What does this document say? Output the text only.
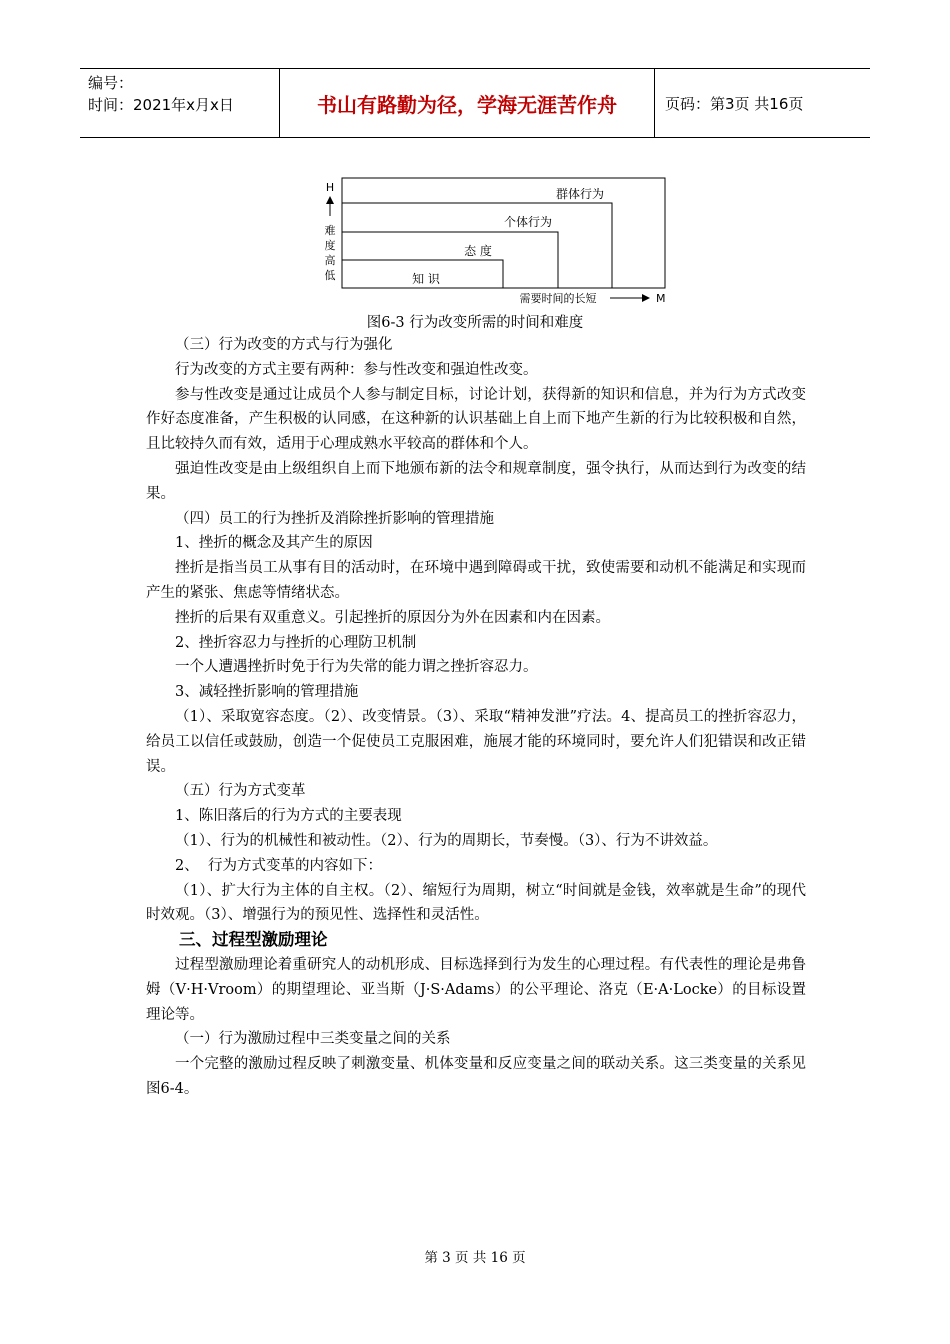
编号：
时间：2021年x月x日	书山有路勤为径，学海无涯苦作舟	页码：第3页 共16页
知 识
态 度
个体行为
群体行为
H
难
度
高
低
需要时间的长短	M
图6-3 行为改变所需的时间和难度

（三）行为改变的方式与行为强化

行为改变的方式主要有两种：参与性改变和强迫性改变。

参与性改变是通过让成员个人参与制定目标，讨论计划，获得新的知识和信息，并为行为方式改变作好态度准备，产生积极的认同感，在这种新的认识基础上自上而下地产生新的行为比较积极和自然，且比较持久而有效，适用于心理成熟水平较高的群体和个人。

强迫性改变是由上级组织自上而下地颁布新的法令和规章制度，强令执行，从而达到行为改变的结果。

（四）员工的行为挫折及消除挫折影响的管理措施

1、挫折的概念及其产生的原因

挫折是指当员工从事有目的活动时，在环境中遇到障碍或干扰，致使需要和动机不能满足和实现而产生的紧张、焦虑等情绪状态。

挫折的后果有双重意义。引起挫折的原因分为外在因素和内在因素。

2、挫折容忍力与挫折的心理防卫机制

一个人遭遇挫折时免于行为失常的能力谓之挫折容忍力。

3、减轻挫折影响的管理措施

（1）、采取宽容态度。（2）、改变情景。（3）、采取“精神发泄”疗法。4、提高员工的挫折容忍力，给员工以信任或鼓励，创造一个促使员工克服困难，施展才能的环境同时，要允许人们犯错误和改正错误。

（五）行为方式变革

1、陈旧落后的行为方式的主要表现

（1）、行为的机械性和被动性。（2）、行为的周期长，节奏慢。（3）、行为不讲效益。

2、  行为方式变革的内容如下：

（1）、扩大行为主体的自主权。（2）、缩短行为周期，树立“时间就是金钱，效率就是生命”的现代时效观。（3）、增强行为的预见性、选择性和灵活性。

三、过程型激励理论

过程型激励理论着重研究人的动机形成、目标选择到行为发生的心理过程。有代表性的理论是弗鲁姆（V·H·Vroom）的期望理论、亚当斯（J·S·Adams）的公平理论、洛克（E·A·Locke）的目标设置理论等。

（一）行为激励过程中三类变量之间的关系

一个完整的激励过程反映了刺激变量、机体变量和反应变量之间的联动关系。这三类变量的关系见图6-4。

第 3 页 共 16 页
